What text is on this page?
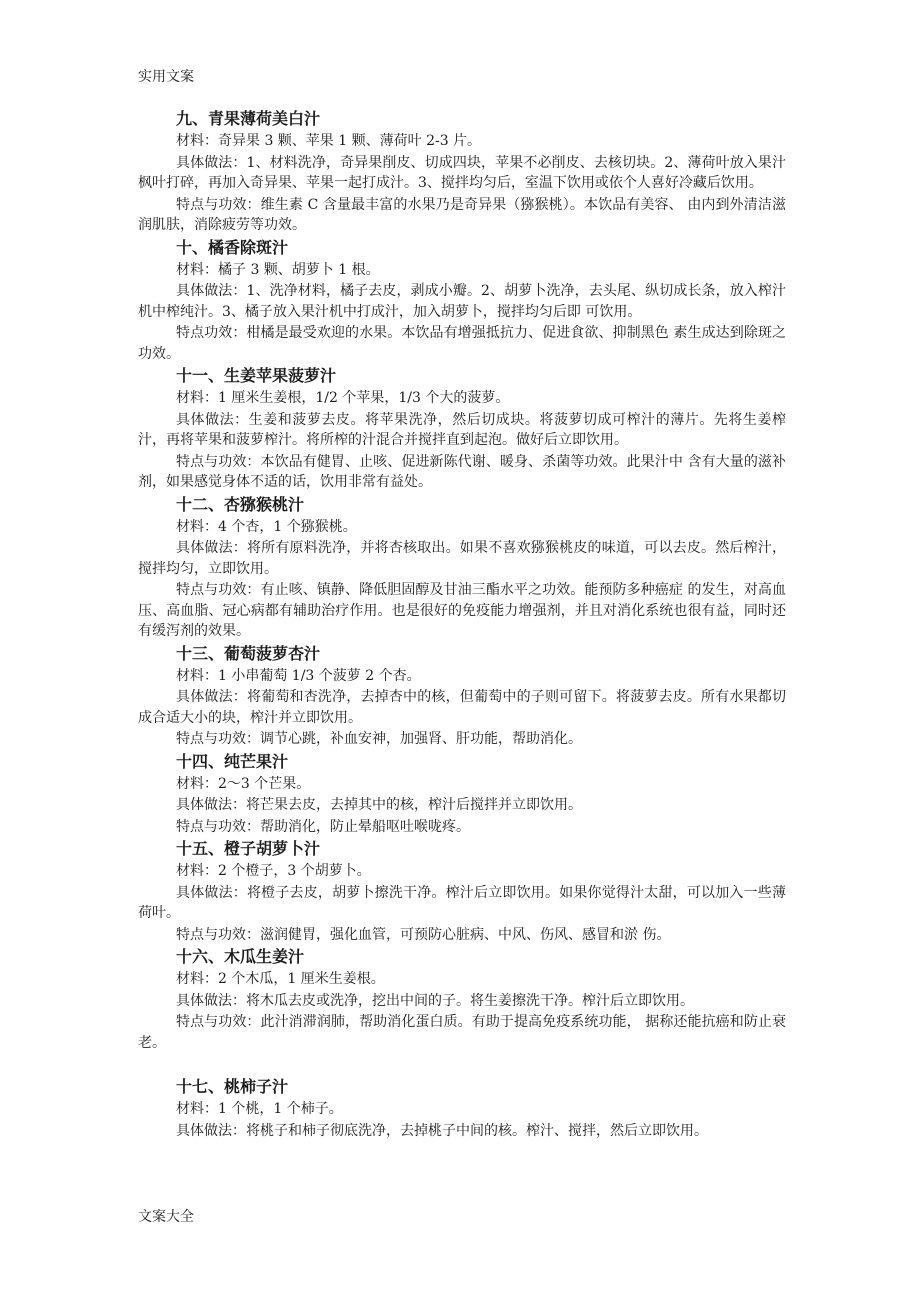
实用文案
九、青果薄荷美白汁

材料：奇异果 3 颗、苹果 1 颗、薄荷叶 2-3 片。

具体做法：1、材料洗净，奇异果削皮、切成四块，苹果不必削皮、去核切块。2、薄荷叶放入果汁枫叶打碎，再加入奇异果、苹果一起打成汁。3、搅拌均匀后，室温下饮用或依个人喜好冷藏后饮用。

特点与功效：维生素 C 含量最丰富的水果乃是奇异果（猕猴桃）。本饮品有美容、 由内到外清洁滋润肌肤，消除疲劳等功效。

十、橘香除斑汁

材料：橘子 3 颗、胡萝卜 1 根。

具体做法：1、洗净材料，橘子去皮，剥成小瓣。2、胡萝卜洗净，去头尾、纵切成长条，放入榨汁机中榨纯汁。3、橘子放入果汁机中打成汁，加入胡萝卜，搅拌均匀后即 可饮用。

特点功效：柑橘是最受欢迎的水果。本饮品有增强抵抗力、促进食欲、抑制黑色 素生成达到除斑之功效。

十一、生姜苹果菠萝汁

材料：1 厘米生姜根，1/2 个苹果，1/3 个大的菠萝。

具体做法：生姜和菠萝去皮。将苹果洗净，然后切成块。将菠萝切成可榨汁的薄片。先将生姜榨汁，再将苹果和菠萝榨汁。将所榨的汁混合并搅拌直到起泡。做好后立即饮用。

特点与功效：本饮品有健胃、止咳、促进新陈代谢、暖身、杀菌等功效。此果汁中 含有大量的滋补剂，如果感觉身体不适的话，饮用非常有益处。

十二、杏猕猴桃汁

材料：4 个杏，1 个猕猴桃。

具体做法：将所有原料洗净，并将杏核取出。如果不喜欢猕猴桃皮的味道，可以去皮。然后榨汁，搅拌均匀，立即饮用。

特点与功效：有止咳、镇静、降低胆固醇及甘油三酯水平之功效。能预防多种癌症 的发生，对高血压、高血脂、冠心病都有辅助治疗作用。也是很好的免疫能力增强剂，并且对消化系统也很有益，同时还有缓泻剂的效果。

十三、葡萄菠萝杏汁

材料：1 小串葡萄 1/3 个菠萝 2 个杏。

具体做法：将葡萄和杏洗净，去掉杏中的核，但葡萄中的子则可留下。将菠萝去皮。所有水果都切成合适大小的块，榨汁并立即饮用。

特点与功效：调节心跳，补血安神，加强肾、肝功能，帮助消化。

十四、纯芒果汁

材料：2～3 个芒果。

具体做法：将芒果去皮，去掉其中的核，榨汁后搅拌并立即饮用。

特点与功效：帮助消化，防止晕船呕吐喉咙疼。

十五、橙子胡萝卜汁

材料：2 个橙子，3 个胡萝卜。

具体做法：将橙子去皮，胡萝卜擦洗干净。榨汁后立即饮用。如果你觉得汁太甜，可以加入一些薄荷叶。

特点与功效：滋润健胃，强化血管，可预防心脏病、中风、伤风、感冒和淤 伤。

十六、木瓜生姜汁

材料：2 个木瓜，1 厘米生姜根。

具体做法：将木瓜去皮或洗净，挖出中间的子。将生姜擦洗干净。榨汁后立即饮用。

特点与功效：此汁消滞润肺，帮助消化蛋白质。有助于提高免疫系统功能， 据称还能抗癌和防止衰老。

十七、桃柿子汁

材料：1 个桃，1 个柿子。

具体做法：将桃子和柿子彻底洗净，去掉桃子中间的核。榨汁、搅拌，然后立即饮用。

文案大全
